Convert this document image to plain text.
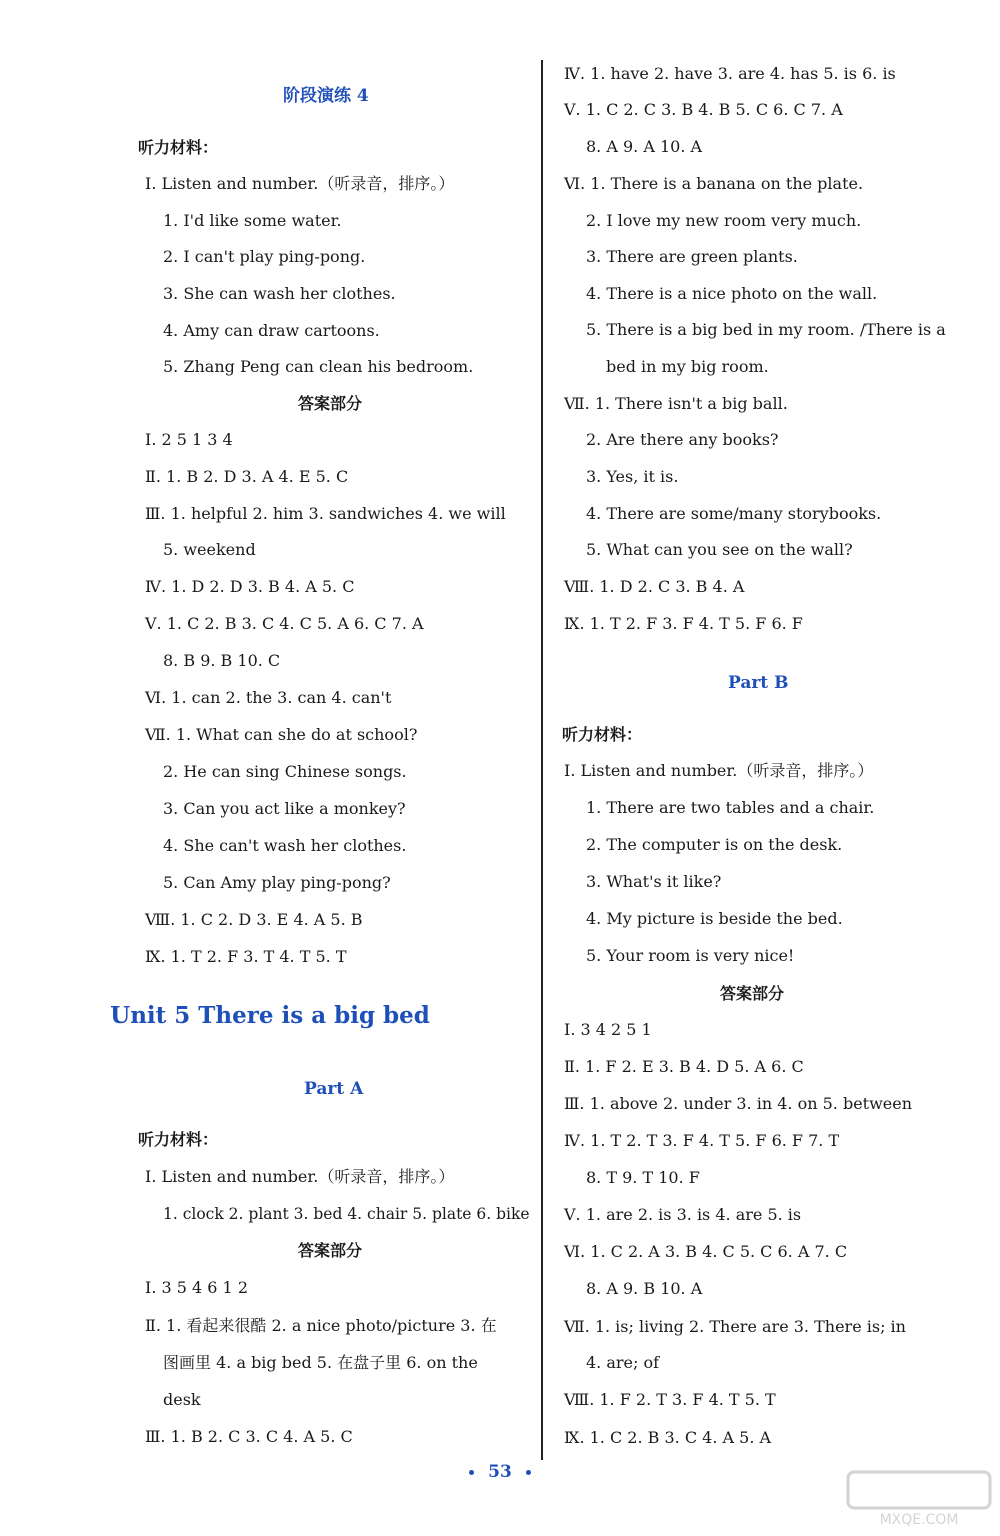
阶段演练 4
听力材料：
Ⅰ. Listen and number.（听录音，排序。）
1. I'd like some water.
2. I can't play ping-pong.
3. She can wash her clothes.
4. Amy can draw cartoons.
5. Zhang Peng can clean his bedroom.
答案部分
Ⅰ. 2 5 1 3 4
Ⅱ. 1. B 2. D 3. A 4. E 5. C
Ⅲ. 1. helpful 2. him 3. sandwiches 4. we will
5. weekend
Ⅳ. 1. D 2. D 3. B 4. A 5. C
Ⅴ. 1. C 2. B 3. C 4. C 5. A 6. C 7. A
8. B 9. B 10. C
Ⅵ. 1. can 2. the 3. can 4. can't
Ⅶ. 1. What can she do at school?
2. He can sing Chinese songs.
3. Can you act like a monkey?
4. She can't wash her clothes.
5. Can Amy play ping-pong?
Ⅷ. 1. C 2. D 3. E 4. A 5. B
Ⅸ. 1. T 2. F 3. T 4. T 5. T
Unit 5 There is a big bed
Part A
听力材料：
Ⅰ. Listen and number.（听录音，排序。）
1. clock 2. plant 3. bed 4. chair 5. plate 6. bike
答案部分
Ⅰ. 3 5 4 6 1 2
Ⅱ. 1. 看起来很酷 2. a nice photo/picture 3. 在
图画里 4. a big bed 5. 在盘子里 6. on the
desk
Ⅲ. 1. B 2. C 3. C 4. A 5. C
Ⅳ. 1. have 2. have 3. are 4. has 5. is 6. is
Ⅴ. 1. C 2. C 3. B 4. B 5. C 6. C 7. A
8. A 9. A 10. A
Ⅵ. 1. There is a banana on the plate.
2. I love my new room very much.
3. There are green plants.
4. There is a nice photo on the wall.
5. There is a big bed in my room. /There is a
bed in my big room.
Ⅶ. 1. There isn't a big ball.
2. Are there any books?
3. Yes, it is.
4. There are some/many storybooks.
5. What can you see on the wall?
Ⅷ. 1. D 2. C 3. B 4. A
Ⅸ. 1. T 2. F 3. F 4. T 5. F 6. F
Part B
听力材料：
Ⅰ. Listen and number.（听录音，排序。）
1. There are two tables and a chair.
2. The computer is on the desk.
3. What's it like?
4. My picture is beside the bed.
5. Your room is very nice!
答案部分
Ⅰ. 3 4 2 5 1
Ⅱ. 1. F 2. E 3. B 4. D 5. A 6. C
Ⅲ. 1. above 2. under 3. in 4. on 5. between
Ⅳ. 1. T 2. T 3. F 4. T 5. F 6. F 7. T
8. T 9. T 10. F
Ⅴ. 1. are 2. is 3. is 4. are 5. is
Ⅵ. 1. C 2. A 3. B 4. C 5. C 6. A 7. C
8. A 9. B 10. A
Ⅶ. 1. is; living 2. There are 3. There is; in
4. are; of
Ⅷ. 1. F 2. T 3. F 4. T 5. T
Ⅸ. 1. C 2. B 3. C 4. A 5. A
53
MXQE.COM
